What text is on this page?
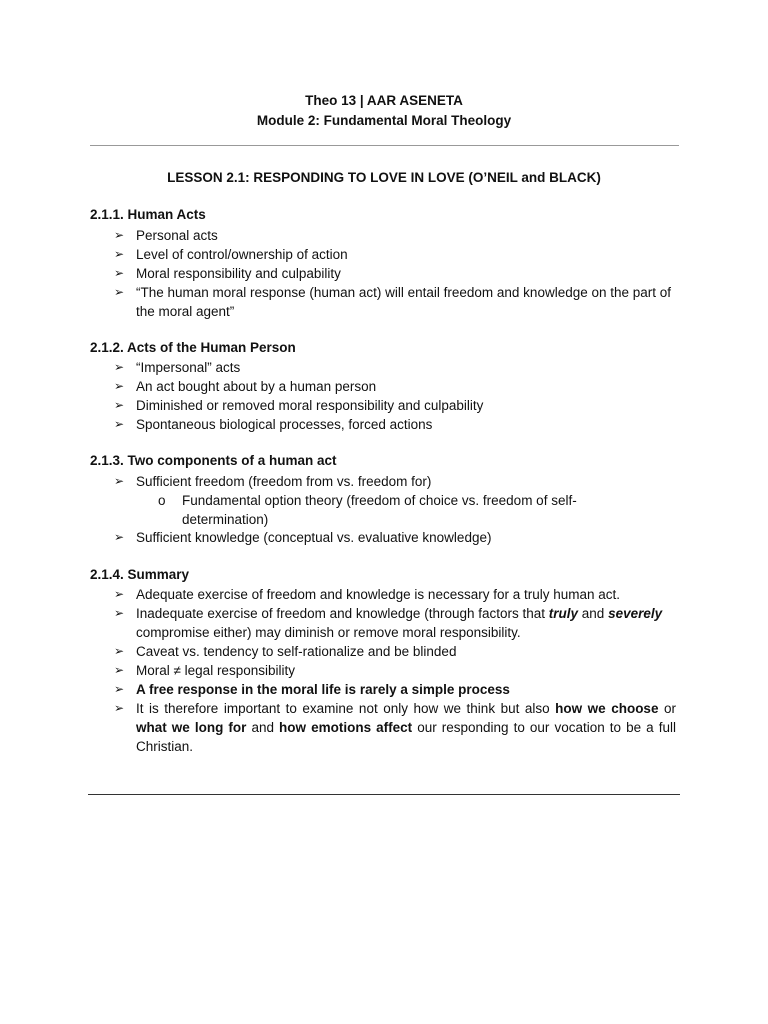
Theo 13 | AAR ASENETA
Module 2: Fundamental Moral Theology
LESSON 2.1: RESPONDING TO LOVE IN LOVE (O’NEIL and BLACK)
2.1.1. Human Acts
➢ Personal acts
➢ Level of control/ownership of action
➢ Moral responsibility and culpability
➢ “The human moral response (human act) will entail freedom and knowledge on the part of the moral agent”
2.1.2. Acts of the Human Person
➢ “Impersonal” acts
➢ An act bought about by a human person
➢ Diminished or removed moral responsibility and culpability
➢ Spontaneous biological processes, forced actions
2.1.3. Two components of a human act
➢ Sufficient freedom (freedom from vs. freedom for)
o Fundamental option theory (freedom of choice vs. freedom of self- determination)
➢ Sufficient knowledge (conceptual vs. evaluative knowledge)
2.1.4. Summary
➢ Adequate exercise of freedom and knowledge is necessary for a truly human act.
➢ Inadequate exercise of freedom and knowledge (through factors that truly and severely compromise either) may diminish or remove moral responsibility.
➢ Caveat vs. tendency to self-rationalize and be blinded
➢ Moral ≠ legal responsibility
➢ A free response in the moral life is rarely a simple process
➢ It is therefore important to examine not only how we think but also how we choose or what we long for and how emotions affect our responding to our vocation to be a full Christian.
